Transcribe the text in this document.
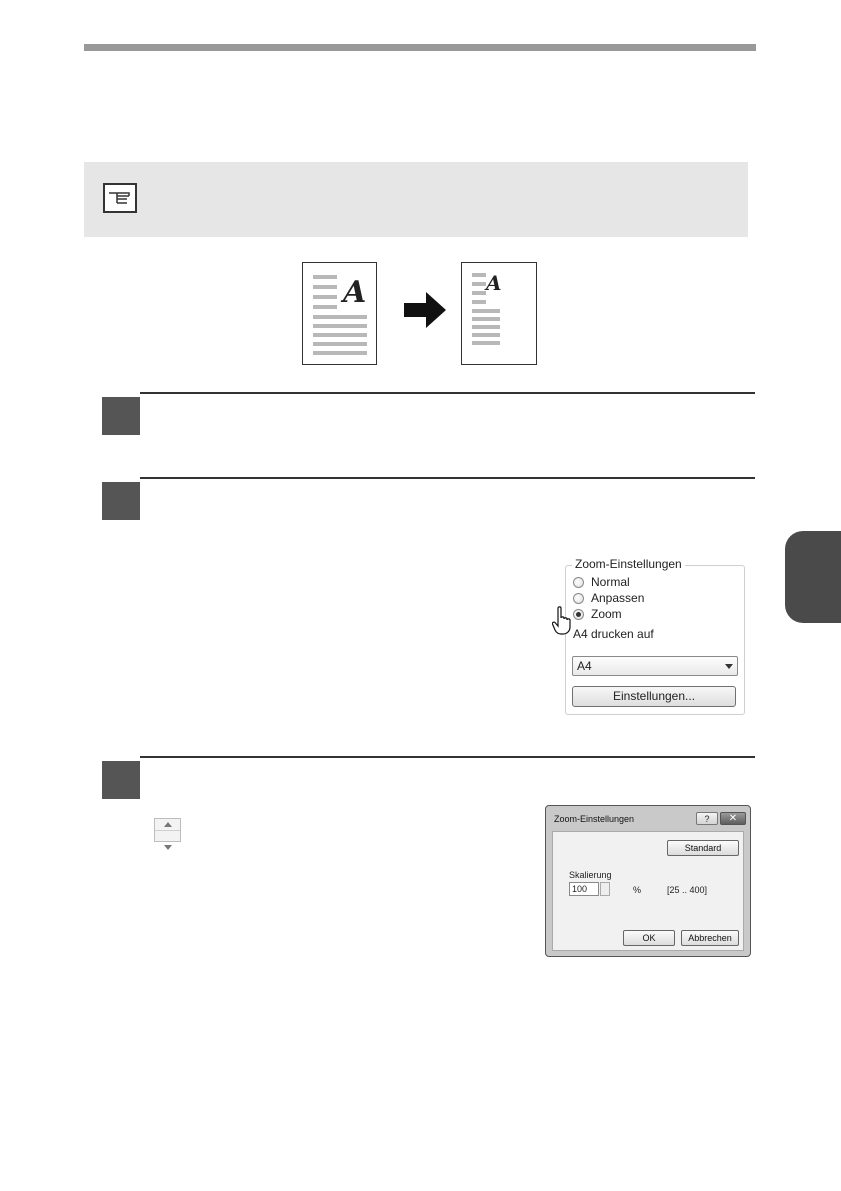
A	A
Zoom-Einstellungen
Normal
Anpassen
Zoom
A4 drucken auf
A4
Einstellungen...
Zoom-Einstellungen	?	✕
Standard
Skalierung
100	%	[25 .. 400]
OK	Abbrechen
